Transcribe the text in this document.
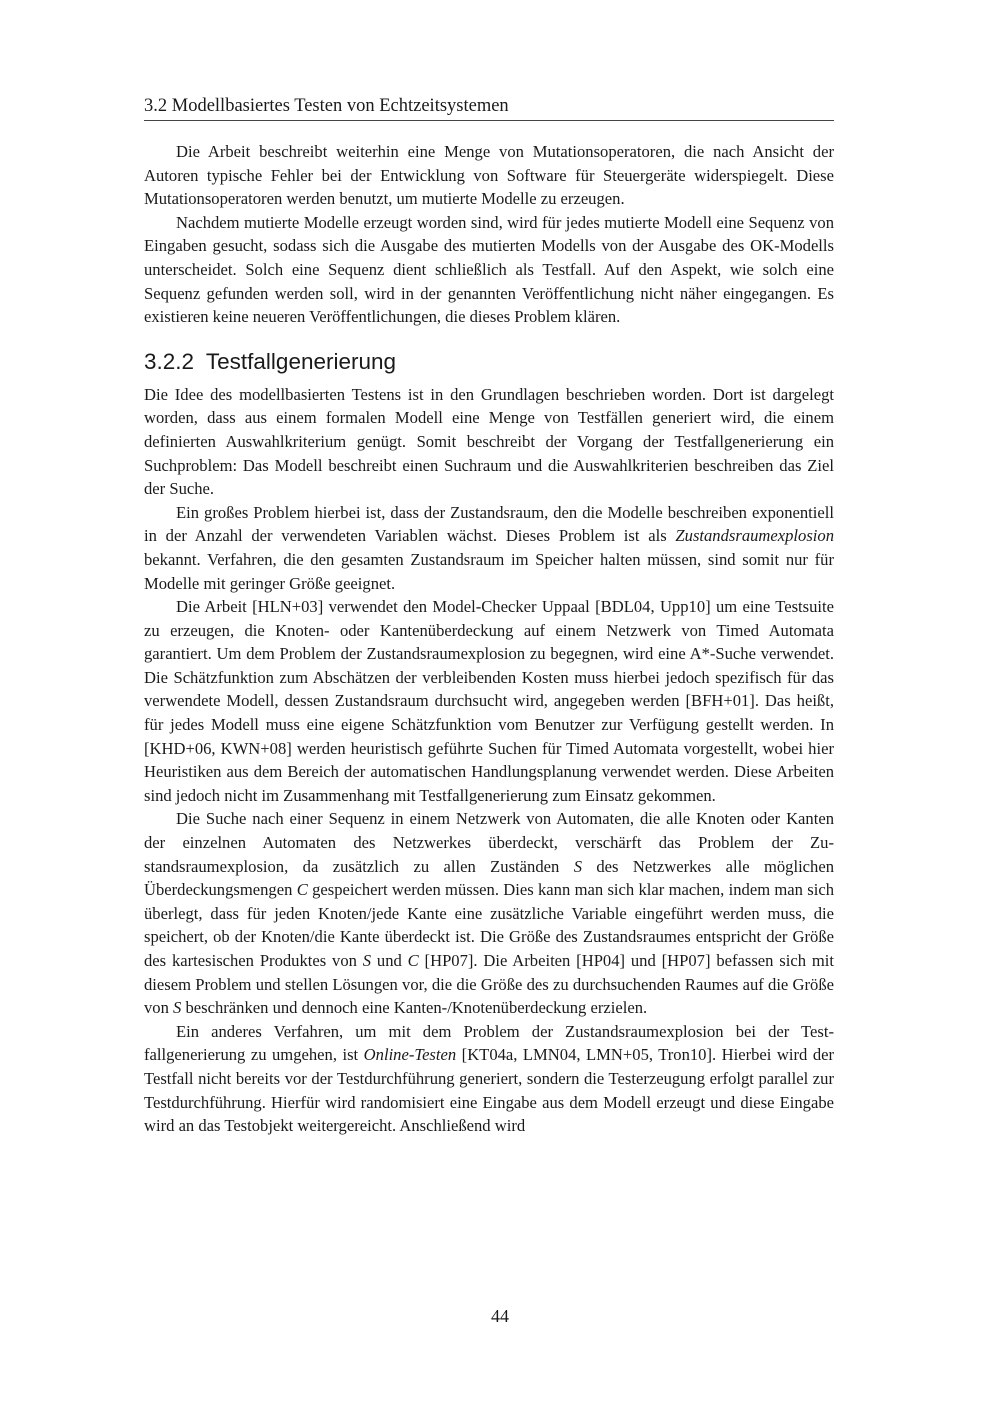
3.2 Modellbasiertes Testen von Echtzeitsystemen

Die Arbeit beschreibt weiterhin eine Menge von Mutationsoperatoren, die nach Ansicht der Autoren typische Fehler bei der Entwicklung von Software für Steuergeräte widerspiegelt. Diese Mutationsoperatoren werden benutzt, um mutierte Modelle zu erzeugen.

Nachdem mutierte Modelle erzeugt worden sind, wird für jedes mutierte Modell eine Sequenz von Eingaben gesucht, sodass sich die Ausgabe des mutierten Modells von der Ausgabe des OK-Modells unterscheidet. Solch eine Sequenz dient schließlich als Testfall. Auf den Aspekt, wie solch eine Sequenz gefunden werden soll, wird in der genannten Veröffentlichung nicht näher eingegangen. Es existieren keine neueren Veröffentlichungen, die dieses Problem klären.

3.2.2 Testfallgenerierung

Die Idee des modellbasierten Testens ist in den Grundlagen beschrieben worden. Dort ist dargelegt worden, dass aus einem formalen Modell eine Menge von Testfällen generiert wird, die einem definierten Auswahlkriterium genügt. Somit beschreibt der Vorgang der Testfallgenerierung ein Suchproblem: Das Modell beschreibt einen Suchraum und die Auswahlkriterien beschreiben das Ziel der Suche.

Ein großes Problem hierbei ist, dass der Zustandsraum, den die Modelle beschreiben exponentiell in der Anzahl der verwendeten Variablen wächst. Dieses Problem ist als Zustandsraumexplosion bekannt. Verfahren, die den gesamten Zustandsraum im Speicher halten müssen, sind somit nur für Modelle mit geringer Größe geeignet.

Die Arbeit [HLN+03] verwendet den Model-Checker Uppaal [BDL04, Upp10] um eine Testsuite zu erzeugen, die Knoten- oder Kantenüberdeckung auf einem Netzwerk von Timed Automata garantiert. Um dem Problem der Zustandsraumexplosion zu begegnen, wird eine A*-Suche verwendet. Die Schätzfunktion zum Abschätzen der verbleibenden Kosten muss hierbei jedoch spezifisch für das verwendete Modell, dessen Zustandsraum durchsucht wird, angegeben werden [BFH+01]. Das heißt, für jedes Modell muss eine eigene Schätzfunktion vom Benutzer zur Verfügung gestellt werden. In [KHD+06, KWN+08] werden heuristisch geführte Suchen für Timed Automata vorgestellt, wobei hier Heuristiken aus dem Bereich der automatischen Handlungsplanung verwendet werden. Diese Arbeiten sind jedoch nicht im Zusammenhang mit Testfallgenerierung zum Einsatz gekommen.

Die Suche nach einer Sequenz in einem Netzwerk von Automaten, die alle Knoten oder Kanten der einzelnen Automaten des Netzwerkes überdeckt, verschärft das Problem der Zustandsraumexplosion, da zusätzlich zu allen Zuständen S des Netzwerkes alle möglichen Überdeckungsmengen C gespeichert werden müssen. Dies kann man sich klar machen, indem man sich überlegt, dass für jeden Knoten/jede Kante eine zusätzliche Variable eingeführt werden muss, die speichert, ob der Knoten/die Kante überdeckt ist. Die Größe des Zustandsraumes entspricht der Größe des kartesischen Produktes von S und C [HP07]. Die Arbeiten [HP04] und [HP07] befassen sich mit diesem Problem und stellen Lösungen vor, die die Größe des zu durchsuchenden Raumes auf die Größe von S beschränken und dennoch eine Kanten-/Knotenüberdeckung erzielen.

Ein anderes Verfahren, um mit dem Problem der Zustandsraumexplosion bei der Testfallgenerierung zu umgehen, ist Online-Testen [KT04a, LMN04, LMN+05, Tron10]. Hierbei wird der Testfall nicht bereits vor der Testdurchführung generiert, sondern die Testerzeugung erfolgt parallel zur Testdurchführung. Hierfür wird randomisiert eine Eingabe aus dem Modell erzeugt und diese Eingabe wird an das Testobjekt weitergereicht. Anschließend wird

44
